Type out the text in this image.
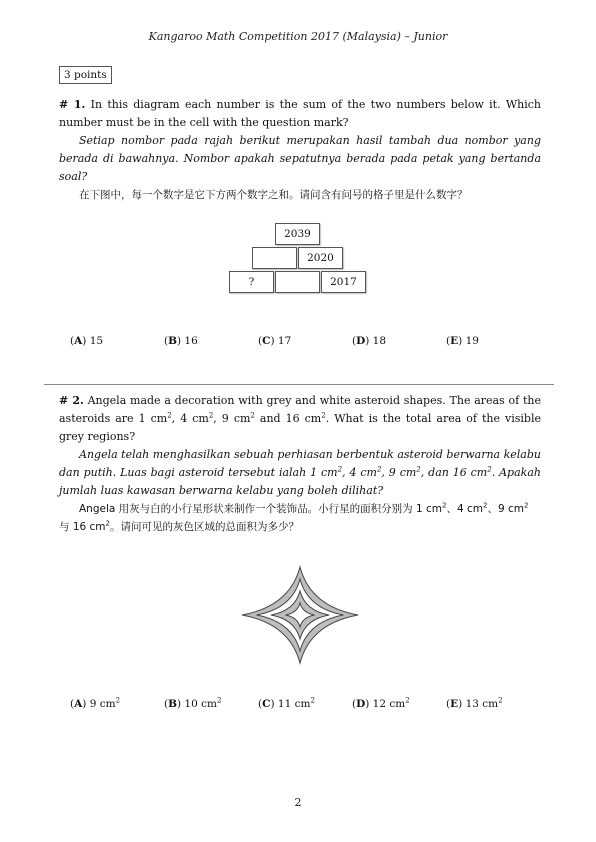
Kangaroo Math Competition 2017 (Malaysia) – Junior
3 points

# 1. In this diagram each number is the sum of the two numbers below it. Which number must be in the cell with the question mark?

Setiap nombor pada rajah berikut merupakan hasil tambah dua nombor yang berada di bawahnya. Nombor apakah sepatutnya berada pada petak yang bertanda soal?

在下图中，每一个数字是它下方两个数字之和。请问含有问号的格子里是什么数字？

2039
2020
?	2017
(A) 15	(B) 16	(C) 17	(D) 18	(E) 19

# 2. Angela made a decoration with grey and white asteroid shapes. The areas of the asteroids are 1 $cm^2$, 4 $cm^2$, 9 $cm^2$ and 16 $cm^2$. What is the total area of the visible grey regions?

Angela telah menghasilkan sebuah perhiasan berbentuk asteroid berwarna kelabu dan putih. Luas bagi asteroid tersebut ialah 1 $cm^2$, 4 $cm^2$, 9 $cm^2$, dan 16 $cm^2$. Apakah jumlah luas kawasan berwarna kelabu yang boleh dilihat?

Angela 用灰与白的小行星形状来制作一个装饰品。小行星的面积分别为 1 $cm^2$、4 $cm^2$、9 $cm^2$ 与 16 $cm^2$。请问可见的灰色区域的总面积为多少？

(A) 9 $cm^2$	(B) 10 $cm^2$	(C) 11 $cm^2$	(D) 12 $cm^2$	(E) 13 $cm^2$
2
